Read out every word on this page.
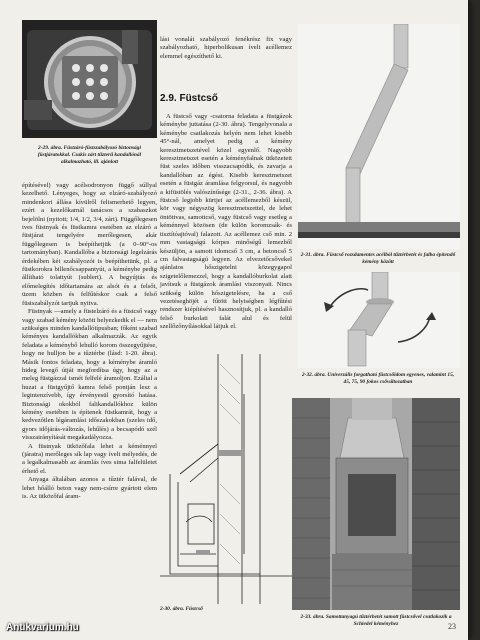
2-29. ábra. Füstzáró-füstszabályozó biztonsági füstjáratokkal. Csakis zárt tűzterű kandallónál alkalmazható, ill. ajánlott

építésével) vagy acélsodronyon függő súllyal kezelhető. Lényeges, hogy az elzáró-szabályozó mindenkori állása kívülről felismerhető legyen, ezért a kezelőkarnál tanácsos a szabaszkot bejelölni (nyitott; 1/4, 1/2, 3/4, zárt). Függőlegesen ives füstnyak és füstkamra esetében az elzáró a füstjárat tengelyére merőlegesen, akár függőlegesen is beépíthetjük (a 0–90°-os tartományban). Kandallóba a biztonsági legelzárás érdekében két szabályozót is beépíthetünk, pl. a füstkorokra billenőcsappantyút, a kéménybe pedig állítható tolattyút (sublert). A begyújtás és előmelegítés időtartamára az alsót és a felsőt, üzem közben és felfűtéskor csak a felső füstszabályzót tartjuk nyitva.

Füstnyak —amely a füstelzáró és a füstcső vagy vagy szabad kémény között helyezkedik el — nem szükséges minden kandallótípusban; főként szabad kéményes kandallókban alkalmazzák. Az egyik feladata a kéménybő lehulló korom összegyűjtése, hogy ne hulljon be a tűztérbe (lásd: 1-20. ábra). Másik fontos feladata, hogy a kéménybe áramló hideg levegő útját megfordítsa úgy, hogy az a meleg füstgázzal ismét felfelé áramoljon. Ezáltal a huzat a füstgyűjtő kamra felső pontján lesz a legintenzívebb, így érvényesül gyorsító hatása. Biztonsági okokból falikandallókhoz külön kémény esetében is építenek füstkamrát, hogy a kedvezőtlen légáramlási időszakokban (szeles idő, gyors időjárás-változás, lehűlés) a becsapódó szél visszairányítását megakadályozza.

A füstnyak ütközőfala lehet a kéménnyel (járatra) merőleges sík lap vagy ívelt mélyedés, de a legalkalmasabb az áramlás íves sima falfelületet érhető el.

Anyaga általában azonos a tűztér falával, de lehet hőálló beton vagy nem-csírre gyártott elem is. Az ütközőfal áram-

lási vonalát szabályozó fenékrész fix vagy szabályozható, hiperbolikusan ívelt acéllemez elemmel egészíthető ki.
2.9. Füstcső
A füstcső vagy -csatorna feladata a füstgázok kéménybe juttatása (2-30. ábra). Tengelyvonala a kéménybe csatlakozás helyén nem lehet kisebb 45°-nál, amelyet pedig a kémény keresztmetszetével közel egyenlő. Nagyobb keresztmetszet esetén a kéményfalnak ütközetett füst szeles időben visszacsapódik, és zavarja a kandallóban az égést. Kisebb keresztmetszet esetén a füstgáz áramlása felgyorsul, és nagyobb a kifüstölés valószínűsége (2-31., 2-36. ábra). A füstcső legjobb kürtjei az acéllemezből készül, kör vagy négyszög keresztmetszettel, de lehet öntöttvas, samottcső, vagy füstcső vagy esetleg a kéménnyel közösen (de külön koromzsák- és tisztítóajtóval) falazott. Az acéllemez cső min. 2 mm vastagságú kórpes minőségű lemezből készüljön, a samott idomcső 3 cm, a betoncső 5 cm falvastagságú legyen. Az elvezetőcsővekel ajánlatos hőszigetelni közegygapol szigetelőlemezzel, hogy a kandallóburkolat alatt javítsuk a füstgázok áramlási viszonyait. Nincs szükség külön hőszigetelésre, ha a cső vezetéseghöjét a fűtött helyiségben légfűtési rendszer kiépítésével hasznosítjuk, pl. a kandalló felső burkolati falát alul és felül szellőzőnyílásokkal látjuk el.
2-30. ábra. Füstcső
2-31. ábra. Füstcső rozsdamentes acélból tűztérbetét és falba építendő kémény között
2-32. ábra. Univerzális forgatható füstcsőidom egyenes, valamint 15, 45, 75, 90 fokos csőváltozatban
2-33. ábra. Samottanyagú tűztérbetét samott füstcsővel csatlakozik a Schiedel kéményhez	23
Antikvarium.hu
